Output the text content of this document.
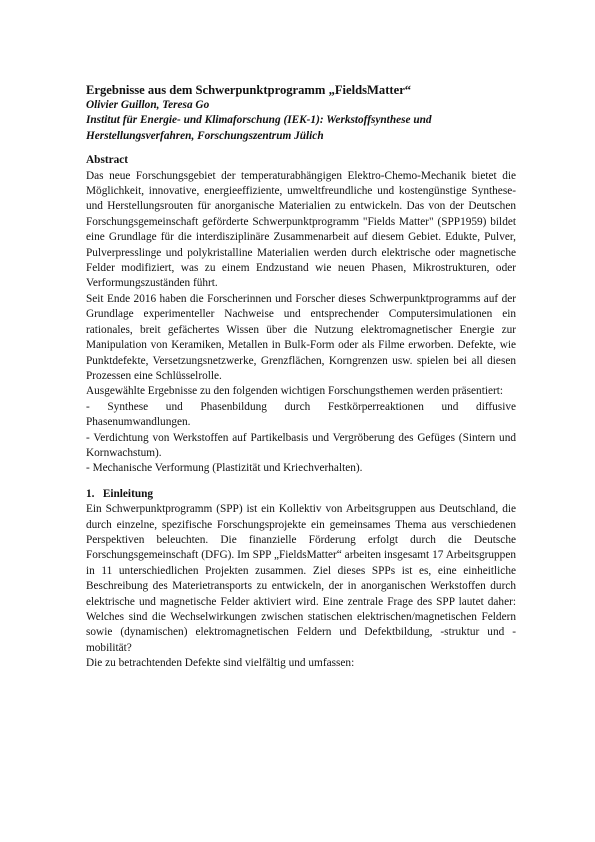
Ergebnisse aus dem Schwerpunktprogramm „FieldsMatter“

Olivier Guillon, Teresa Go

Institut für Energie- und Klimaforschung (IEK-1): Werkstoffsynthese und Herstellungsverfahren, Forschungszentrum Jülich

Abstract

Das neue Forschungsgebiet der temperaturabhängigen Elektro-Chemo-Mechanik bietet die Möglichkeit, innovative, energieeffiziente, umweltfreundliche und kostengünstige Synthese- und Herstellungsrouten für anorganische Materialien zu entwickeln. Das von der Deutschen Forschungsgemeinschaft geförderte Schwerpunktprogramm "Fields Matter" (SPP1959) bildet eine Grundlage für die interdisziplinäre Zusammenarbeit auf diesem Gebiet. Edukte, Pulver, Pulverpresslinge und polykristalline Materialien werden durch elektrische oder magnetische Felder modifiziert, was zu einem Endzustand wie neuen Phasen, Mikrostrukturen, oder Verformungszuständen führt.

Seit Ende 2016 haben die Forscherinnen und Forscher dieses Schwerpunktprogramms auf der Grundlage experimenteller Nachweise und entsprechender Computersimulationen ein rationales, breit gefächertes Wissen über die Nutzung elektromagnetischer Energie zur Manipulation von Keramiken, Metallen in Bulk-Form oder als Filme erworben. Defekte, wie Punktdefekte, Versetzungsnetzwerke, Grenzflächen, Korngrenzen usw. spielen bei all diesen Prozessen eine Schlüsselrolle.

Ausgewählte Ergebnisse zu den folgenden wichtigen Forschungsthemen werden präsentiert:

- Synthese und Phasenbildung durch Festkörperreaktionen und diffusive Phasenumwandlungen.

- Verdichtung von Werkstoffen auf Partikelbasis und Vergröberung des Gefüges (Sintern und Kornwachstum).

- Mechanische Verformung (Plastizität und Kriechverhalten).

1. Einleitung

Ein Schwerpunktprogramm (SPP) ist ein Kollektiv von Arbeitsgruppen aus Deutschland, die durch einzelne, spezifische Forschungsprojekte ein gemeinsames Thema aus verschiedenen Perspektiven beleuchten. Die finanzielle Förderung erfolgt durch die Deutsche Forschungsgemeinschaft (DFG). Im SPP „FieldsMatter“ arbeiten insgesamt 17 Arbeitsgruppen in 11 unterschiedlichen Projekten zusammen. Ziel dieses SPPs ist es, eine einheitliche Beschreibung des Materietransports zu entwickeln, der in anorganischen Werkstoffen durch elektrische und magnetische Felder aktiviert wird. Eine zentrale Frage des SPP lautet daher: Welches sind die Wechselwirkungen zwischen statischen elektrischen/magnetischen Feldern sowie (dynamischen) elektromagnetischen Feldern und Defektbildung, -struktur und -mobilität?

Die zu betrachtenden Defekte sind vielfältig und umfassen:
